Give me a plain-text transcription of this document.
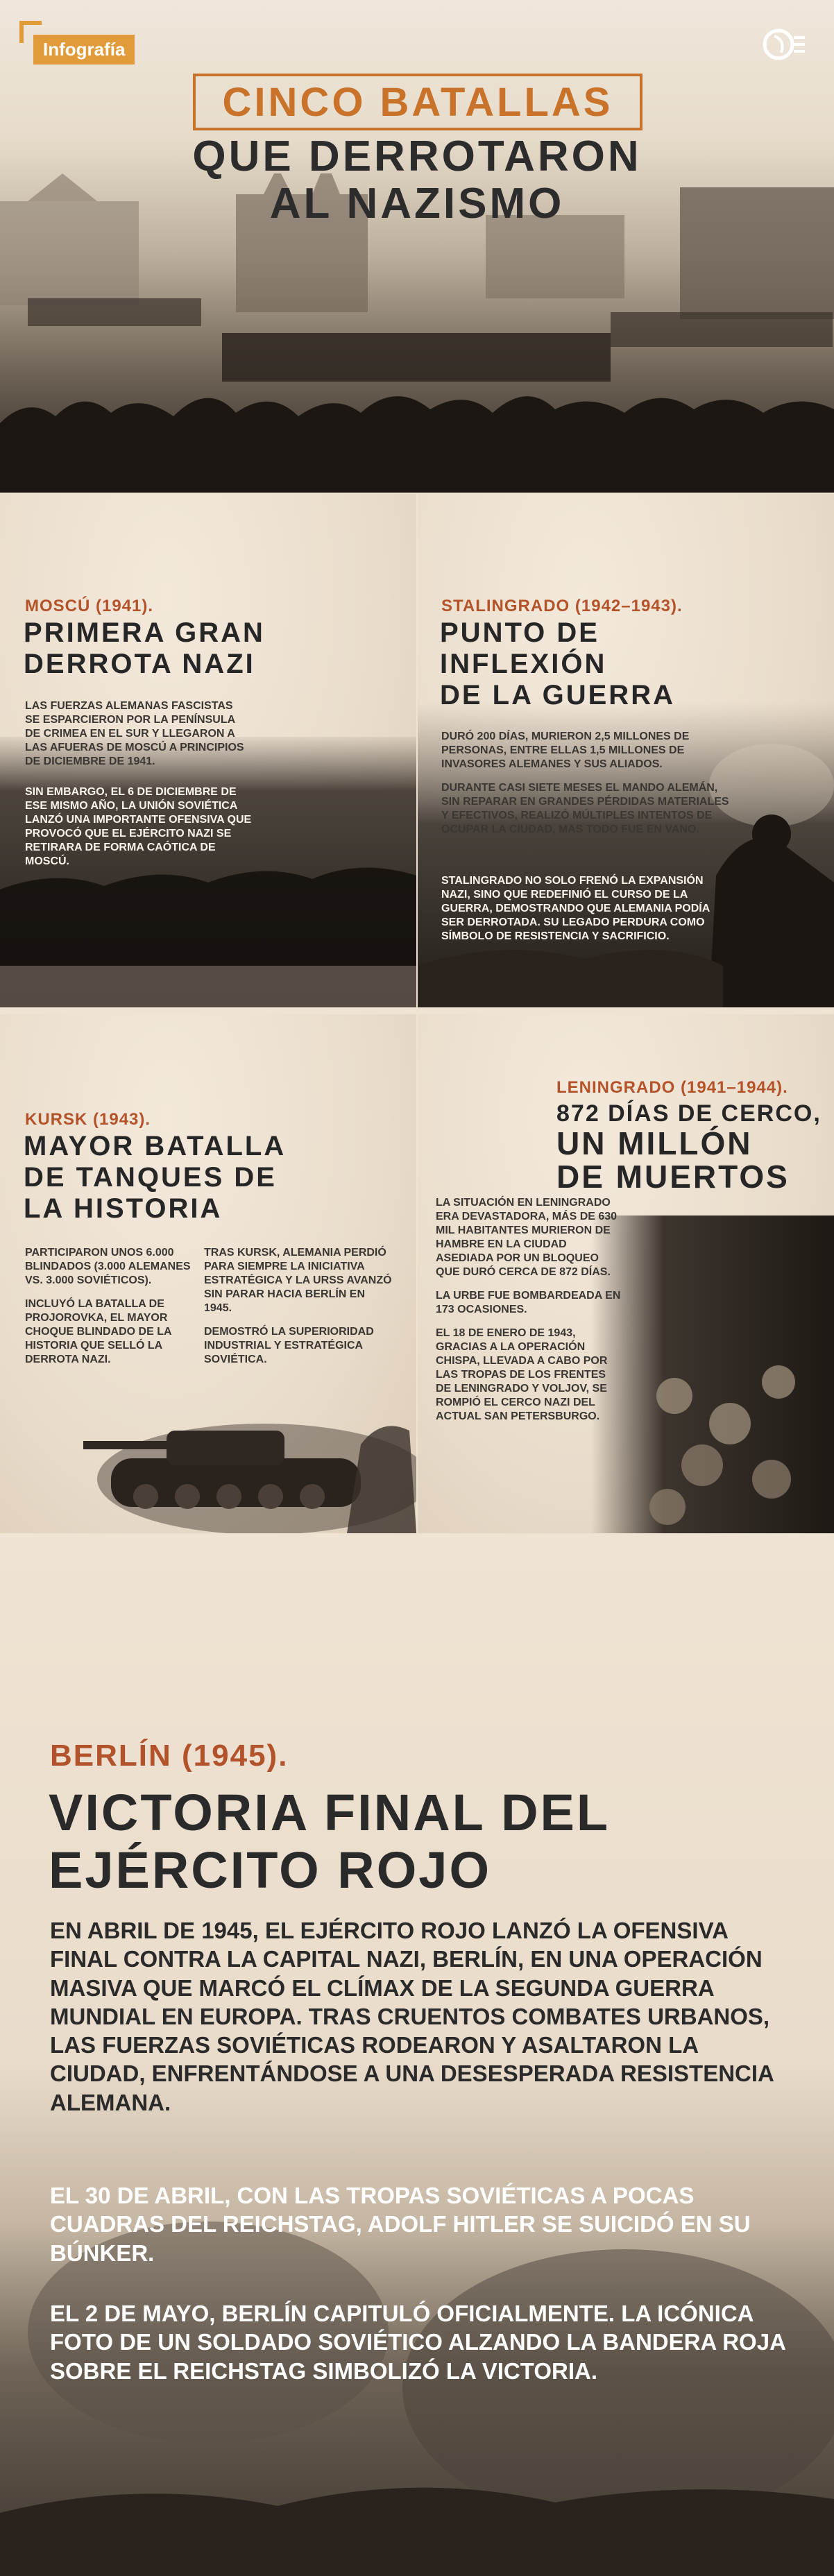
Infografía
CINCO BATALLAS
QUE DERROTARON
AL NAZISMO
MOSCÚ (1941).
PRIMERA GRAN
DERROTA NAZI

LAS FUERZAS ALEMANAS FASCISTAS SE ESPARCIERON POR LA PENÍNSULA DE CRIMEA EN EL SUR Y LLEGARON A LAS AFUERAS DE MOSCÚ A PRINCIPIOS DE DICIEMBRE DE 1941.

SIN EMBARGO, EL 6 DE DICIEMBRE DE ESE MISMO AÑO, LA UNIÓN SOVIÉTICA LANZÓ UNA IMPORTANTE OFENSIVA QUE PROVOCÓ QUE EL EJÉRCITO NAZI SE RETIRARA DE FORMA CAÓTICA DE MOSCÚ.

STALINGRADO (1942–1943).
PUNTO DE
INFLEXIÓN
DE LA GUERRA

DURÓ 200 DÍAS, MURIERON 2,5 MILLONES DE PERSONAS, ENTRE ELLAS 1,5 MILLONES DE INVASORES ALEMANES Y SUS ALIADOS.

DURANTE CASI SIETE MESES EL MANDO ALEMÁN, SIN REPARAR EN GRANDES PÉRDIDAS MATERIALES Y EFECTIVOS, REALIZÓ MÚLTIPLES INTENTOS DE OCUPAR LA CIUDAD, MAS TODO FUE EN VANO.

STALINGRADO NO SOLO FRENÓ LA EXPANSIÓN NAZI, SINO QUE REDEFINIÓ EL CURSO DE LA GUERRA, DEMOSTRANDO QUE ALEMANIA PODÍA SER DERROTADA. SU LEGADO PERDURA COMO SÍMBOLO DE RESISTENCIA Y SACRIFICIO.

KURSK (1943).
MAYOR BATALLA
DE TANQUES DE
LA HISTORIA

PARTICIPARON UNOS 6.000 BLINDADOS (3.000 ALEMANES VS. 3.000 SOVIÉTICOS).

INCLUYÓ LA BATALLA DE PROJOROVKA, EL MAYOR CHOQUE BLINDADO DE LA HISTORIA QUE SELLÓ LA DERROTA NAZI.

TRAS KURSK, ALEMANIA PERDIÓ PARA SIEMPRE LA INICIATIVA ESTRATÉGICA Y LA URSS AVANZÓ SIN PARAR HACIA BERLÍN EN 1945.

DEMOSTRÓ LA SUPERIORIDAD INDUSTRIAL Y ESTRATÉGICA SOVIÉTICA.

LENINGRADO (1941–1944).
872 DÍAS DE CERCO,
UN MILLÓN
DE MUERTOS

LA SITUACIÓN EN LENINGRADO ERA DEVASTADORA, MÁS DE 630 MIL HABITANTES MURIERON DE HAMBRE EN LA CIUDAD ASEDIADA POR UN BLOQUEO QUE DURÓ CERCA DE 872 DÍAS.

LA URBE FUE BOMBARDEADA EN 173 OCASIONES.

EL 18 DE ENERO DE 1943, GRACIAS A LA OPERACIÓN CHISPA, LLEVADA A CABO POR LAS TROPAS DE LOS FRENTES DE LENINGRADO Y VOLJOV, SE ROMPIÓ EL CERCO NAZI DEL ACTUAL SAN PETERSBURGO.

BERLÍN (1945).
VICTORIA FINAL DEL
EJÉRCITO ROJO
EN ABRIL DE 1945, EL EJÉRCITO ROJO LANZÓ LA OFENSIVA FINAL CONTRA LA CAPITAL NAZI, BERLÍN, EN UNA OPERACIÓN MASIVA QUE MARCÓ EL CLÍMAX DE LA SEGUNDA GUERRA MUNDIAL EN EUROPA. TRAS CRUENTOS COMBATES URBANOS, LAS FUERZAS SOVIÉTICAS RODEARON Y ASALTARON LA CIUDAD, ENFRENTÁNDOSE A UNA DESESPERADA RESISTENCIA ALEMANA.
EL 30 DE ABRIL, CON LAS TROPAS SOVIÉTICAS A POCAS CUADRAS DEL REICHSTAG, ADOLF HITLER SE SUICIDÓ EN SU BÚNKER.
EL 2 DE MAYO, BERLÍN CAPITULÓ OFICIALMENTE. LA ICÓNICA FOTO DE UN SOLDADO SOVIÉTICO ALZANDO LA BANDERA ROJA SOBRE EL REICHSTAG SIMBOLIZÓ LA VICTORIA.
